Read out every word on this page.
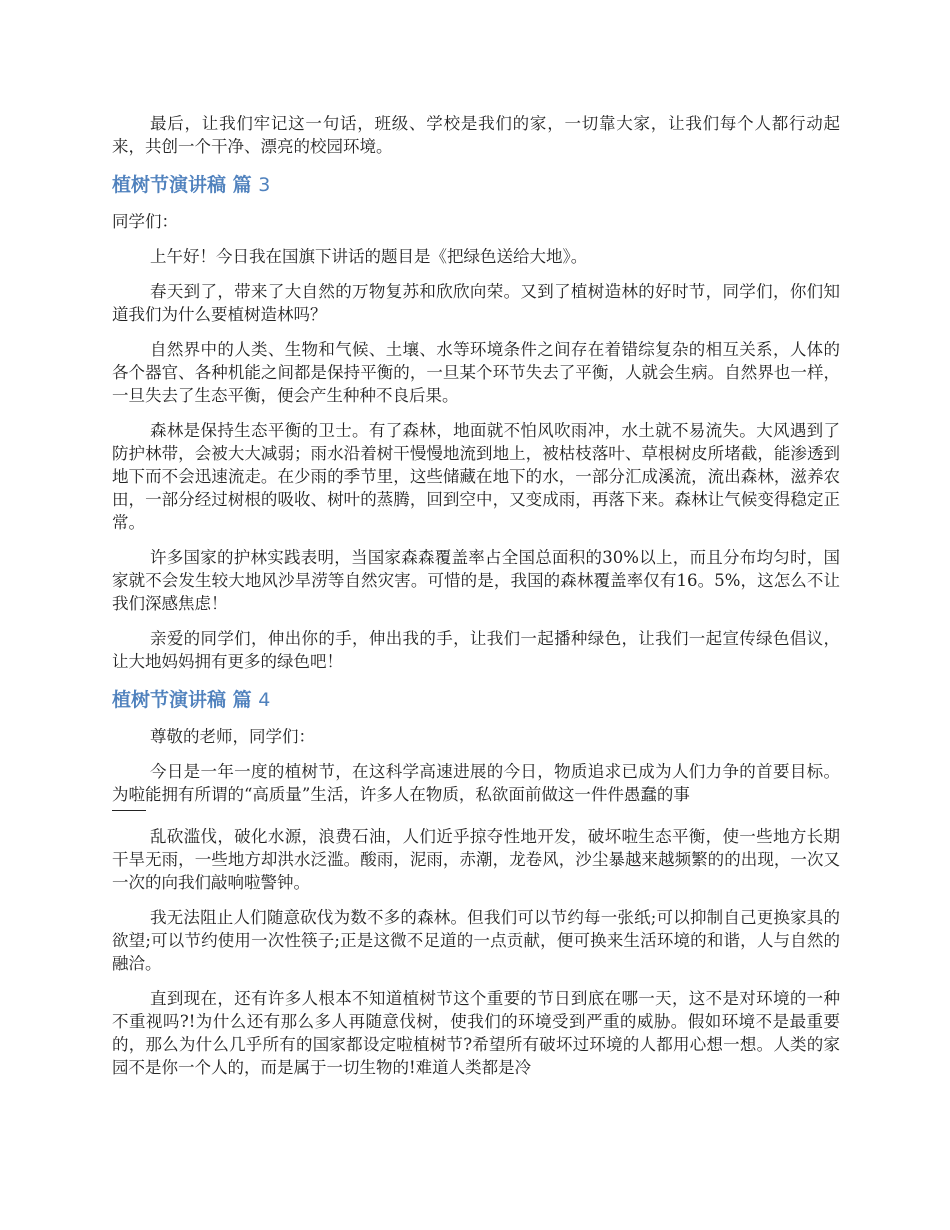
最后，让我们牢记这一句话，班级、学校是我们的家，一切靠大家，让我们每个人都行动起来，共创一个干净、漂亮的校园环境。

植树节演讲稿 篇 3

同学们：

上午好！今日我在国旗下讲话的题目是《把绿色送给大地》。

春天到了，带来了大自然的万物复苏和欣欣向荣。又到了植树造林的好时节，同学们，你们知道我们为什么要植树造林吗？

自然界中的人类、生物和气候、土壤、水等环境条件之间存在着错综复杂的相互关系，人体的各个器官、各种机能之间都是保持平衡的，一旦某个环节失去了平衡，人就会生病。自然界也一样，一旦失去了生态平衡，便会产生种种不良后果。

森林是保持生态平衡的卫士。有了森林，地面就不怕风吹雨冲，水土就不易流失。大风遇到了防护林带，会被大大减弱；雨水沿着树干慢慢地流到地上，被枯枝落叶、草根树皮所堵截，能渗透到地下而不会迅速流走。在少雨的季节里，这些储藏在地下的水，一部分汇成溪流，流出森林，滋养农田，一部分经过树根的吸收、树叶的蒸腾，回到空中，又变成雨，再落下来。森林让气候变得稳定正常。

许多国家的护林实践表明，当国家森森覆盖率占全国总面积的30%以上，而且分布均匀时，国家就不会发生较大地风沙旱涝等自然灾害。可惜的是，我国的森林覆盖率仅有16。5%，这怎么不让我们深感焦虑！

亲爱的同学们，伸出你的手，伸出我的手，让我们一起播种绿色，让我们一起宣传绿色倡议，让大地妈妈拥有更多的绿色吧！

植树节演讲稿 篇 4

尊敬的老师，同学们：

今日是一年一度的植树节，在这科学高速进展的今日，物质追求已成为人们力争的首要目标。为啦能拥有所谓的“高质量”生活，许多人在物质，私欲面前做这一件件愚蠢的事

乱砍滥伐，破化水源，浪费石油，人们近乎掠夺性地开发，破坏啦生态平衡，使一些地方长期干旱无雨，一些地方却洪水泛滥。酸雨，泥雨，赤潮，龙卷风，沙尘暴越来越频繁的的出现，一次又一次的向我们敲响啦警钟。

我无法阻止人们随意砍伐为数不多的森林。但我们可以节约每一张纸;可以抑制自己更换家具的欲望;可以节约使用一次性筷子;正是这微不足道的一点贡献，便可换来生活环境的和谐，人与自然的融洽。

直到现在，还有许多人根本不知道植树节这个重要的节日到底在哪一天，这不是对环境的一种不重视吗?!为什么还有那么多人再随意伐树，使我们的环境受到严重的威胁。假如环境不是最重要的，那么为什么几乎所有的国家都设定啦植树节?希望所有破坏过环境的人都用心想一想。人类的家园不是你一个人的，而是属于一切生物的!难道人类都是冷
